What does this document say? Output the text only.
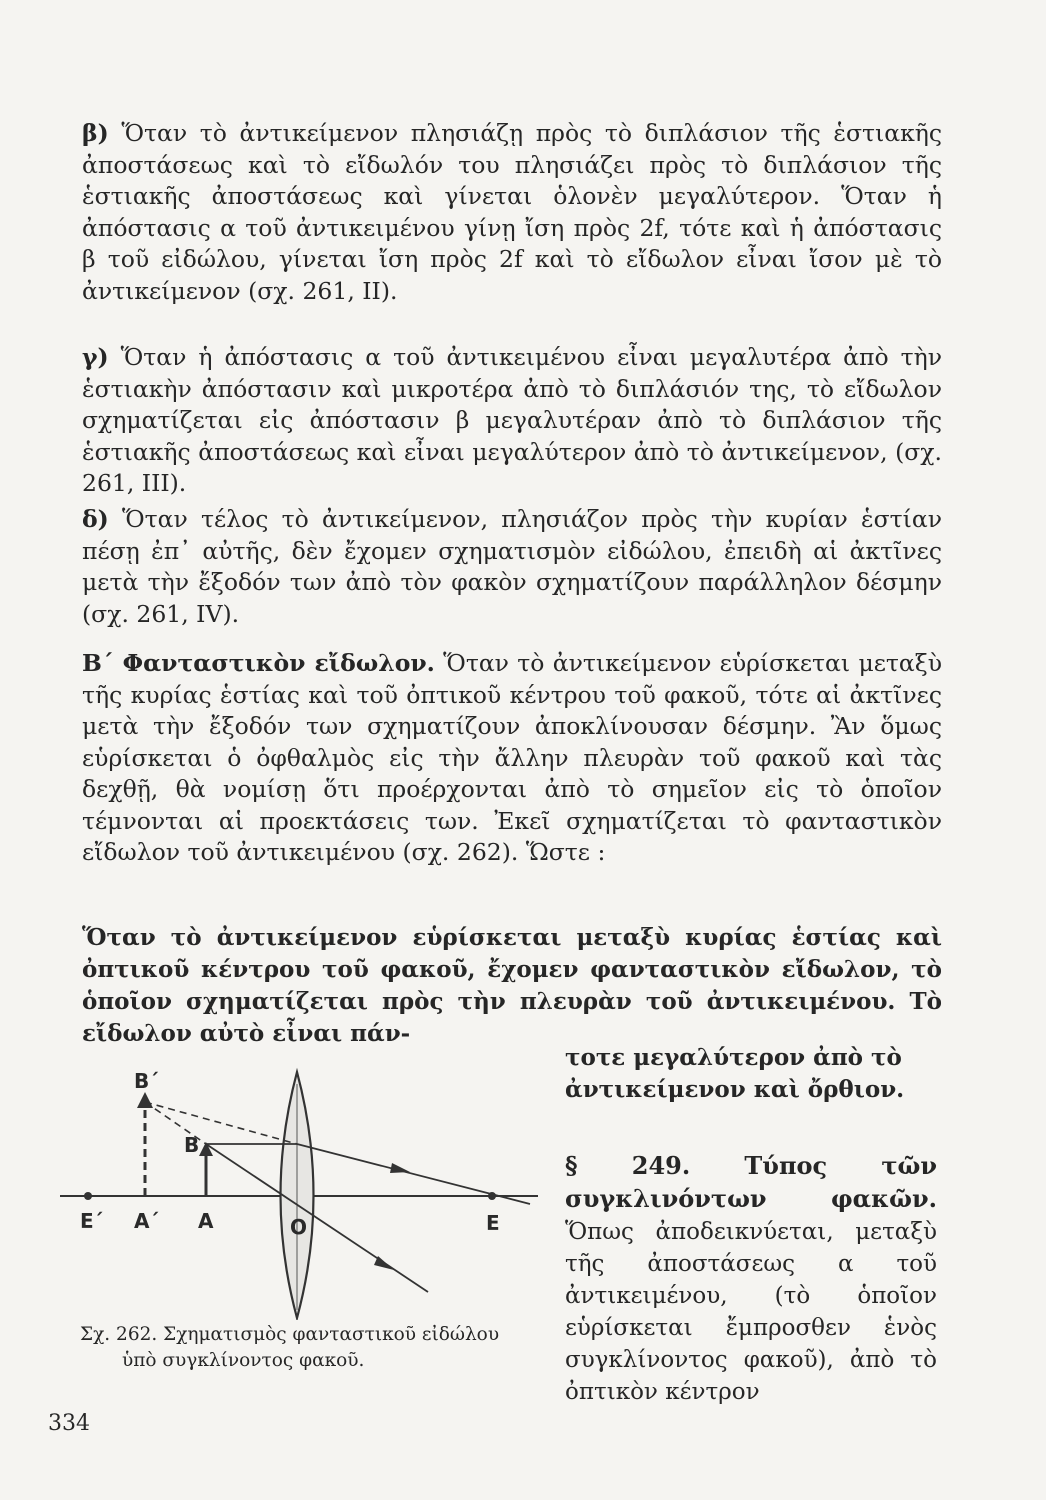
β) Ὅταν τὸ ἀντικείμενον πλησιάζῃ πρὸς τὸ διπλάσιον τῆς ἑστιακῆς ἀποστάσεως καὶ τὸ εἴδωλόν του πλησιάζει πρὸς τὸ διπλάσιον τῆς ἑστιακῆς ἀποστάσεως καὶ γίνεται ὁλονὲν μεγαλύτερον. Ὅταν ἡ ἀπόστασις α τοῦ ἀντικειμένου γίνῃ ἴση πρὸς 2f, τότε καὶ ἡ ἀπόστασις β τοῦ εἰδώλου, γίνεται ἴση πρὸς 2f καὶ τὸ εἴδωλον εἶναι ἴσον μὲ τὸ ἀντικείμενον (σχ. 261, II).

γ) Ὅταν ἡ ἀπόστασις α τοῦ ἀντικειμένου εἶναι μεγαλυτέρα ἀπὸ τὴν ἑστιακὴν ἀπόστασιν καὶ μικροτέρα ἀπὸ τὸ διπλάσιόν της, τὸ εἴδωλον σχηματίζεται εἰς ἀπόστασιν β μεγαλυτέραν ἀπὸ τὸ διπλάσιον τῆς ἑστιακῆς ἀποστάσεως καὶ εἶναι μεγαλύτερον ἀπὸ τὸ ἀντικείμενον, (σχ. 261, III).

δ) Ὅταν τέλος τὸ ἀντικείμενον, πλησιάζον πρὸς τὴν κυρίαν ἑστίαν πέσῃ ἐπ᾽ αὐτῆς, δὲν ἔχομεν σχηματισμὸν εἰδώλου, ἐπειδὴ αἱ ἀκτῖνες μετὰ τὴν ἔξοδόν των ἀπὸ τὸν φακὸν σχηματίζουν παράλληλον δέσμην (σχ. 261, IV).

Β΄ Φανταστικὸν εἴδωλον. Ὅταν τὸ ἀντικείμενον εὑρίσκεται μεταξὺ τῆς κυρίας ἑστίας καὶ τοῦ ὀπτικοῦ κέντρου τοῦ φακοῦ, τότε αἱ ἀκτῖνες μετὰ τὴν ἔξοδόν των σχηματίζουν ἀποκλίνουσαν δέσμην. Ἂν ὅμως εὑρίσκεται ὁ ὀφθαλμὸς εἰς τὴν ἄλλην πλευρὰν τοῦ φακοῦ καὶ τὰς δεχθῇ, θὰ νομίσῃ ὅτι προέρχονται ἀπὸ τὸ σημεῖον εἰς τὸ ὁποῖον τέμνονται αἱ προεκτάσεις των. Ἐκεῖ σχηματίζεται τὸ φανταστικὸν εἴδωλον τοῦ ἀντικειμένου (σχ. 262). Ὥστε :

Ὅταν τὸ ἀντικείμενον εὑρίσκεται μεταξὺ κυρίας ἑστίας καὶ ὀπτικοῦ κέντρου τοῦ φακοῦ, ἔχομεν φανταστικὸν εἴδωλον, τὸ ὁποῖον σχηματίζεται πρὸς τὴν πλευρὰν τοῦ ἀντικειμένου. Τὸ εἴδωλον αὐτὸ εἶναι πάν-

τοτε μεγαλύτερον ἀπὸ τὸ ἀντικείμενον καὶ ὄρθιον.

§ 249. Τύπος τῶν συγκλινόντων φακῶν. Ὅπως ἀποδεικνύεται, μεταξὺ τῆς ἀποστάσεως α τοῦ ἀντικειμένου, (τὸ ὁποῖον εὑρίσκεται ἔμπροσθεν ἑνὸς συγκλίνοντος φακοῦ), ἀπὸ τὸ ὀπτικὸν κέντρον

Β΄
Β
Ε΄ Α΄ Α	Ο	Ε

Σχ. 262. Σχηματισμὸς φανταστικοῦ εἰδώλου
ὑπὸ συγκλίνοντος φακοῦ.

334
